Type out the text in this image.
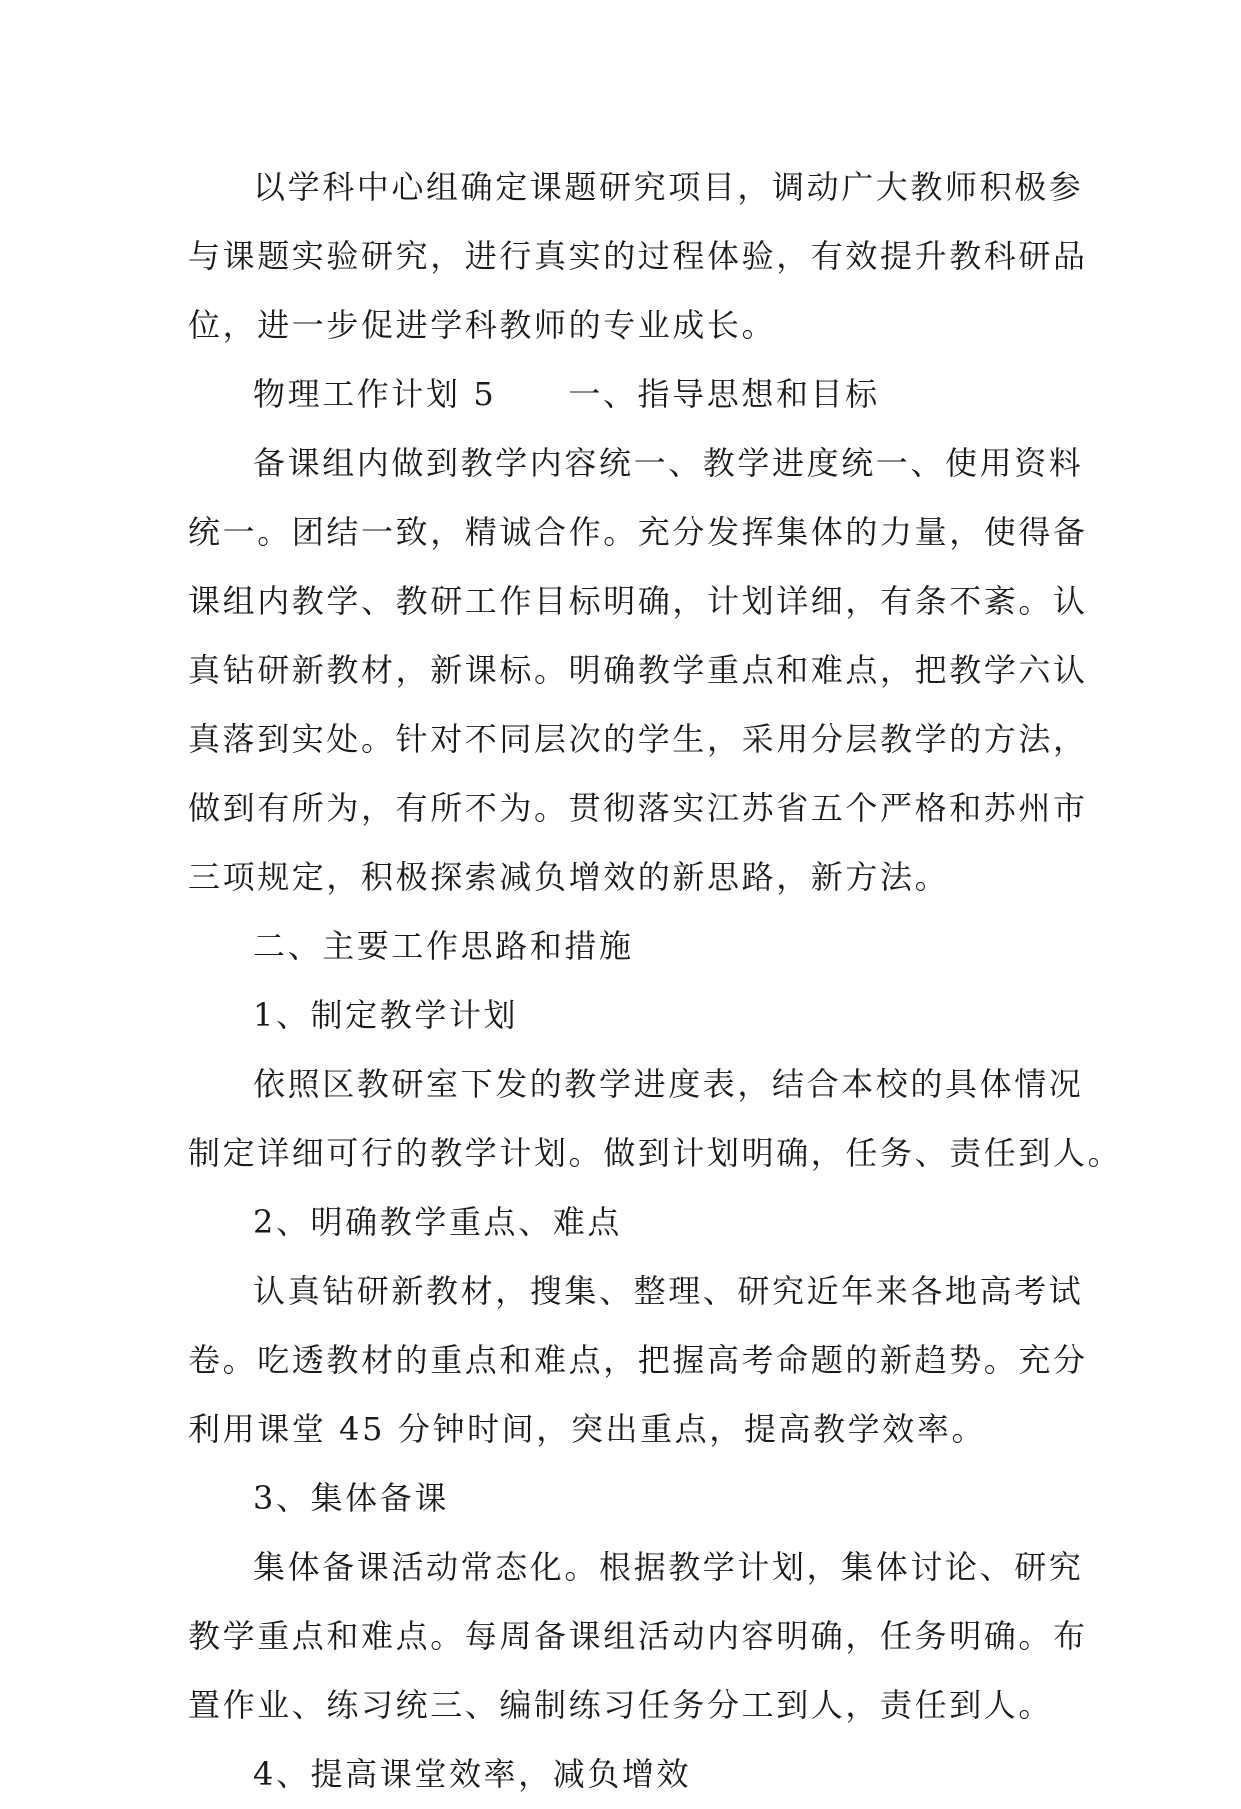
以学科中心组确定课题研究项目，调动广大教师积极参
与课题实验研究，进行真实的过程体验，有效提升教科研品
位，进一步促进学科教师的专业成长。
物理工作计划 5 一、指导思想和目标
备课组内做到教学内容统一、教学进度统一、使用资料
统一。团结一致，精诚合作。充分发挥集体的力量，使得备
课组内教学、教研工作目标明确，计划详细，有条不紊。认
真钻研新教材，新课标。明确教学重点和难点，把教学六认
真落到实处。针对不同层次的学生，采用分层教学的方法，
做到有所为，有所不为。贯彻落实江苏省五个严格和苏州市
三项规定，积极探索减负增效的新思路，新方法。
二、主要工作思路和措施
1、制定教学计划
依照区教研室下发的教学进度表，结合本校的具体情况
制定详细可行的教学计划。做到计划明确，任务、责任到人。
2、明确教学重点、难点
认真钻研新教材，搜集、整理、研究近年来各地高考试
卷。吃透教材的重点和难点，把握高考命题的新趋势。充分
利用课堂 45 分钟时间，突出重点，提高教学效率。
3、集体备课
集体备课活动常态化。根据教学计划，集体讨论、研究
教学重点和难点。每周备课组活动内容明确，任务明确。布
置作业、练习统三、编制练习任务分工到人，责任到人。
4、提高课堂效率，减负增效
